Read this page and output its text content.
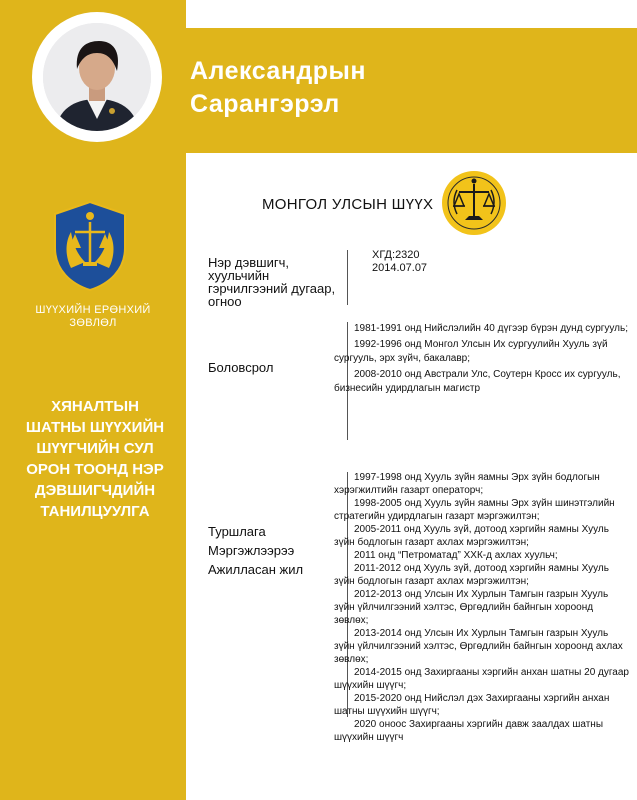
Александрын
Сарангэрэл
ШҮҮХИЙН ЕРӨНХИЙ
ЗӨВЛӨЛ
ХЯНАЛТЫН
ШАТНЫ ШҮҮХИЙН
ШҮҮГЧИЙН СУЛ
ОРОН ТООНД НЭР
ДЭВШИГЧДИЙН
ТАНИЛЦУУЛГА
МОНГОЛ УЛСЫН ШҮҮХ
Нэр дэвшигч,
хуульчийн
гэрчилгээний дугаар,
огноо
ХГД:2320
2014.07.07
Боловсрол

1981-1991 онд Нийслэлийн 40 дүгээр бүрэн дунд сургууль;

1992-1996 онд Монгол Улсын Их сургуулийн Хууль зүй сургууль, эрх зүйч, бакалавр;

2008-2010 онд Австрали Улс, Соутерн Кросс их сургууль, бизнесийн удирдлагын магистр

Туршлага
Мэргэжлээрээ
Ажилласан жил

1997-1998 онд Хууль зүйн яамны Эрх зүйн бодлогын хэрэгжилтийн газарт операторч;

1998-2005 онд Хууль зүйн яамны Эрх зүйн шинэтгэлийн стратегийн удирдлагын газарт мэргэжилтэн;

2005-2011 онд Хууль зүй, дотоод хэргийн яамны Хууль зүйн бодлогын газарт ахлах мэргэжилтэн;

2011 онд “Петроматад” ХХК-д ахлах хуульч;

2011-2012 онд Хууль зүй, дотоод хэргийн яамны Хууль зүйн бодлогын газарт ахлах мэргэжилтэн;

2012-2013 онд Улсын Их Хурлын Тамгын газрын Хууль зүйн үйлчилгээний хэлтэс, Өргөдлийн байнгын хороонд зөвлөх;

2013-2014 онд Улсын Их Хурлын Тамгын газрын Хууль зүйн үйлчилгээний хэлтэс, Өргөдлийн байнгын хороонд ахлах зөвлөх;

2014-2015 онд Захиргааны хэргийн анхан шатны 20 дугаар шүүхийн шүүгч;

2015-2020 онд Нийслэл дэх Захиргааны хэргийн анхан шатны шүүхийн шүүгч;

2020 оноос Захиргааны хэргийн давж заалдах шатны шүүхийн шүүгч
